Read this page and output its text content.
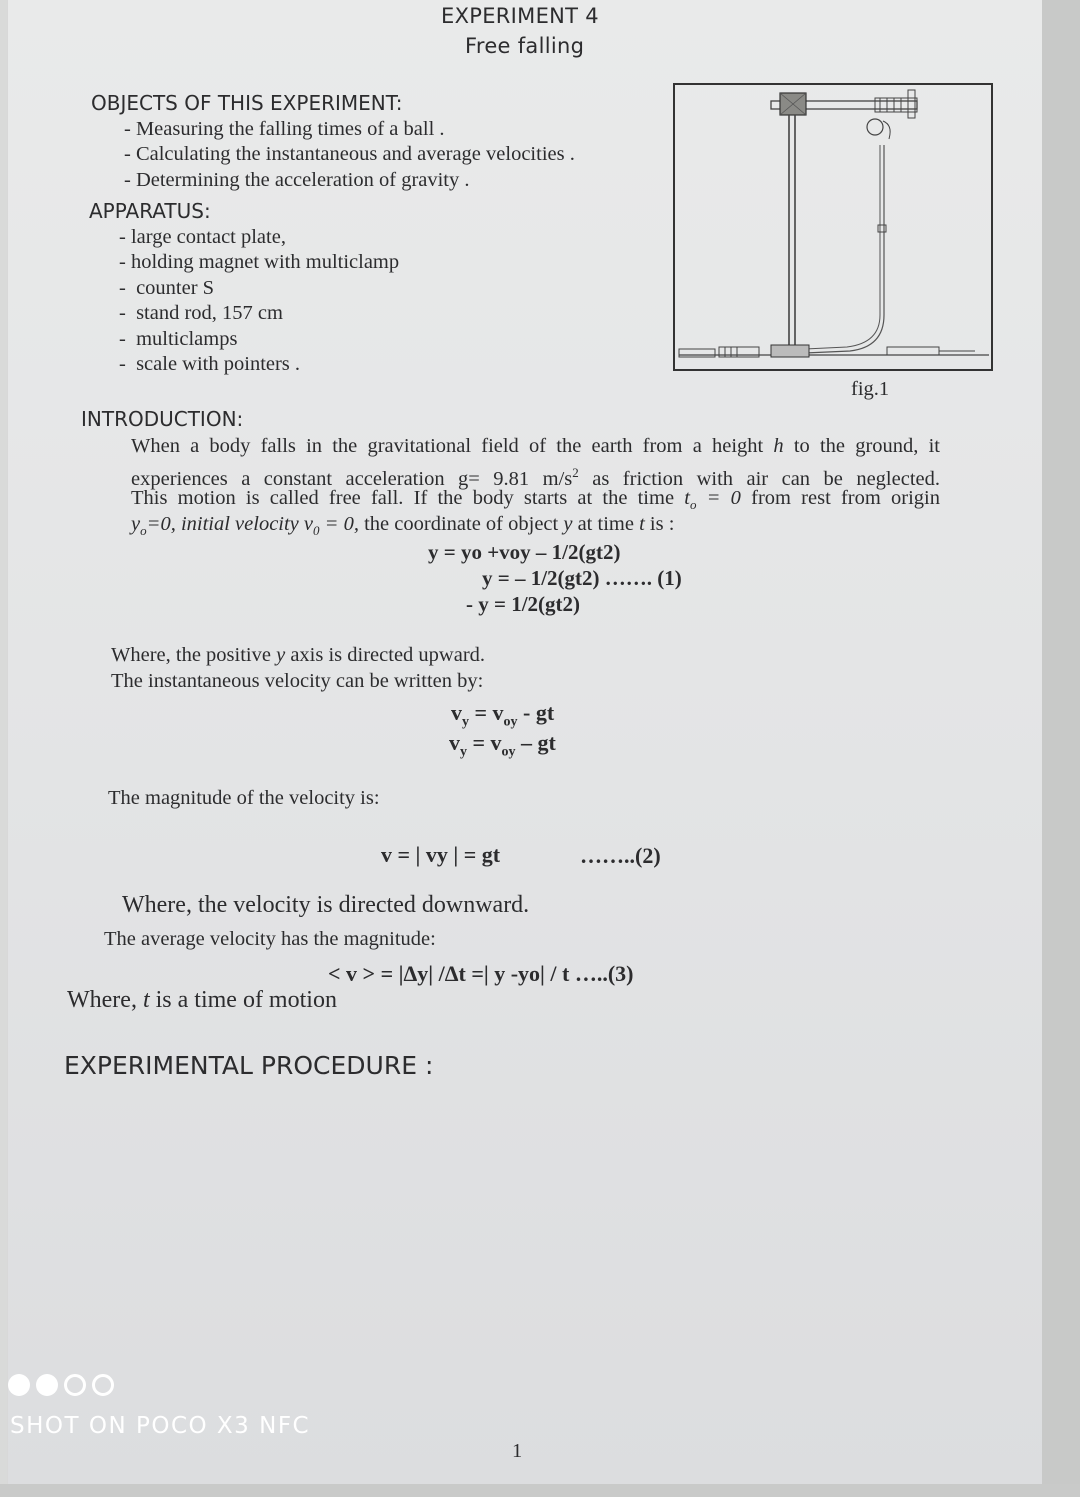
EXPERIMENT 4
Free falling
OBJECTS OF THIS EXPERIMENT:
- Measuring the falling times of a ball .
- Calculating the instantaneous and average velocities .
- Determining the acceleration of gravity .
APPARATUS:
- large contact plate,
- holding magnet with multiclamp
-  counter S
-  stand rod, 157 cm
-  multiclamps
-  scale with pointers .
fig.1
INTRODUCTION:
When a body falls in the gravitational field of the earth from a height h to the ground, it
experiences a constant acceleration g= 9.81 $m/s^2$ as friction with air can be neglected.
This motion is called free fall. If the body starts at the time $t_o = 0$ from rest from origin
$y_o=0$, initial velocity $v_0 = 0$, the coordinate of object y at time t is :
y = yo +voy – 1/2(gt2)
y = – 1/2(gt2) ……. (1)
- y = 1/2(gt2)
Where, the positive y axis is directed upward.
The instantaneous velocity can be written by:
$v_y = v_{oy}$ - gt
$v_y = v_{oy}$ – gt
The magnitude of the velocity is:
v = | vy | = gt	……..(2)
Where, the velocity is directed downward.
The average velocity has the magnitude:
< v > = |Δy| /Δt =| y -yo| / t …..(3)
Where, t is a time of motion
EXPERIMENTAL PROCEDURE :
1
SHOT ON POCO X3 NFC
